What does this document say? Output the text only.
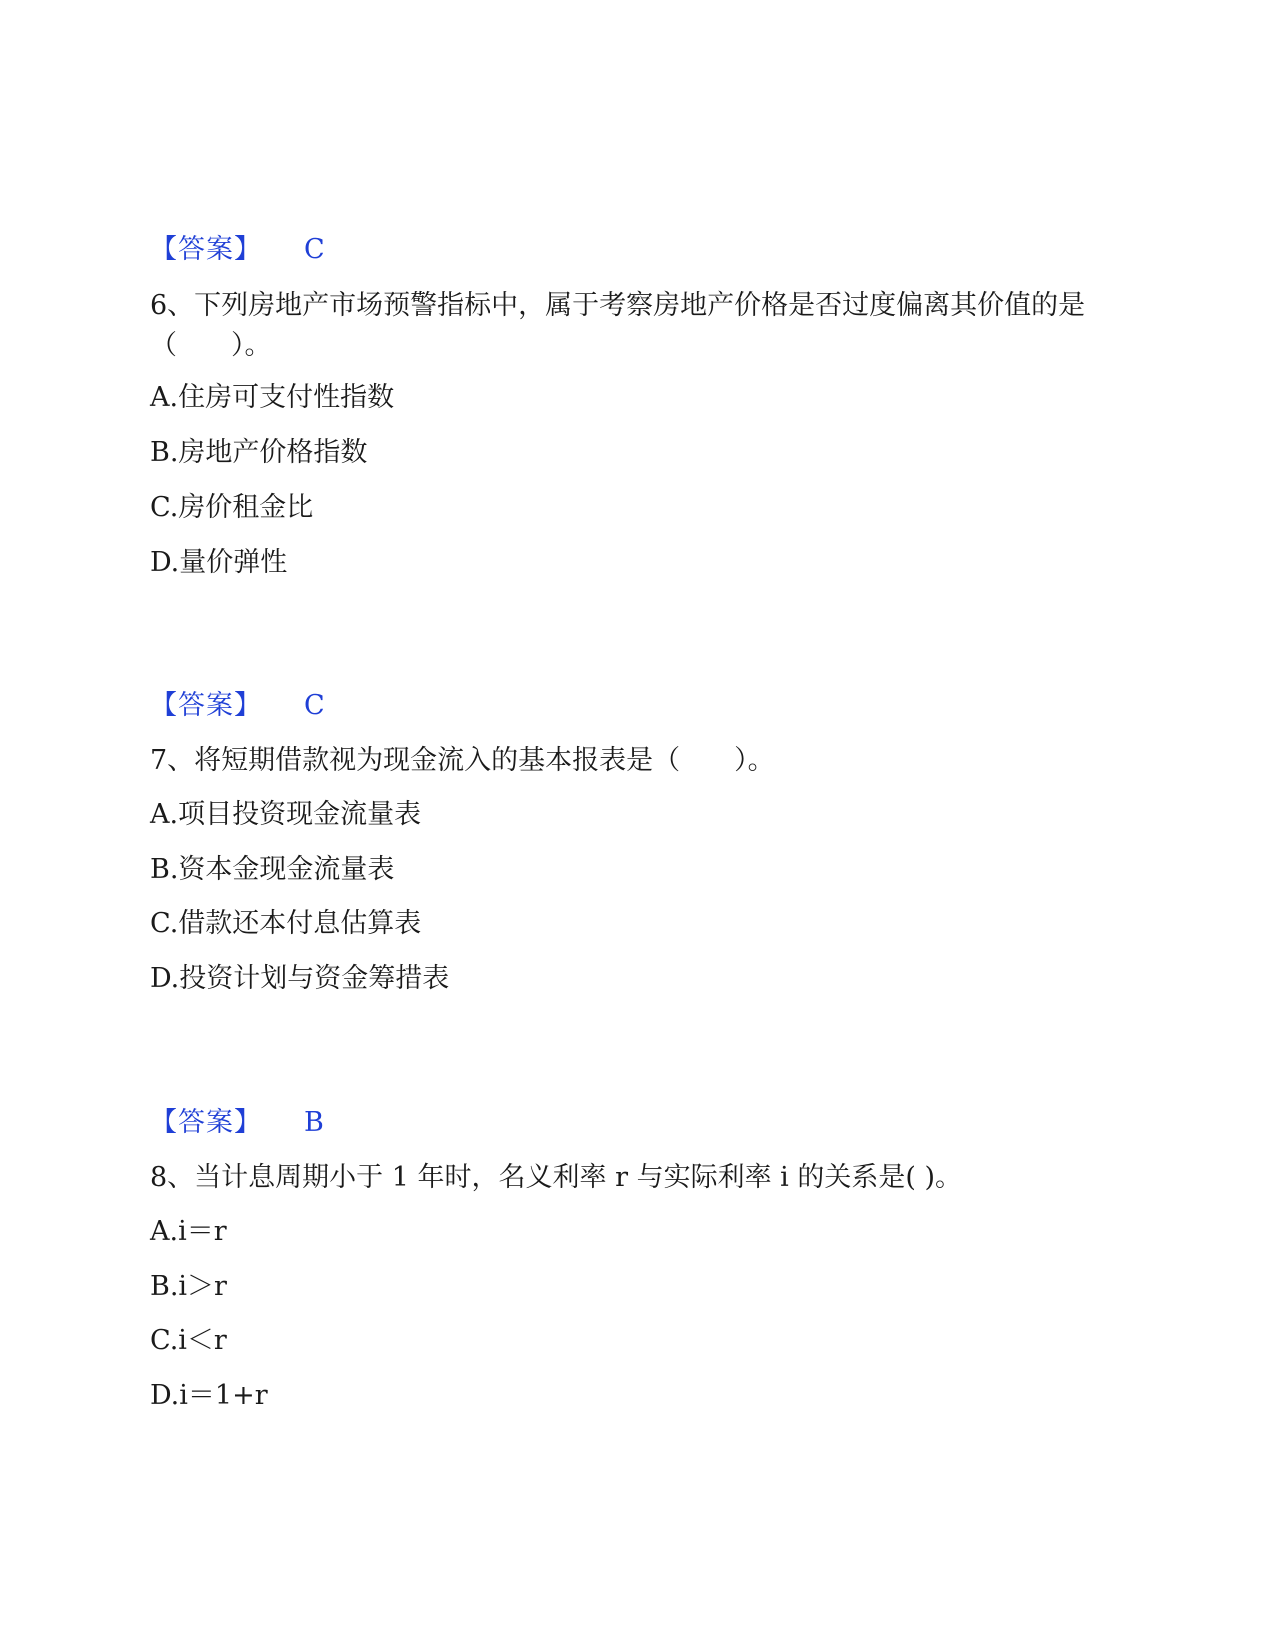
【答案】 C
6、下列房地产市场预警指标中，属于考察房地产价格是否过度偏离其价值的是（　　）。
A.住房可支付性指数
B.房地产价格指数
C.房价租金比
D.量价弹性
【答案】 C
7、将短期借款视为现金流入的基本报表是（　　）。
A.项目投资现金流量表
B.资本金现金流量表
C.借款还本付息估算表
D.投资计划与资金筹措表
【答案】 B
8、当计息周期小于 1 年时，名义利率 r 与实际利率 i 的关系是( )。
A.i＝r
B.i＞r
C.i＜r
D.i＝1+r
